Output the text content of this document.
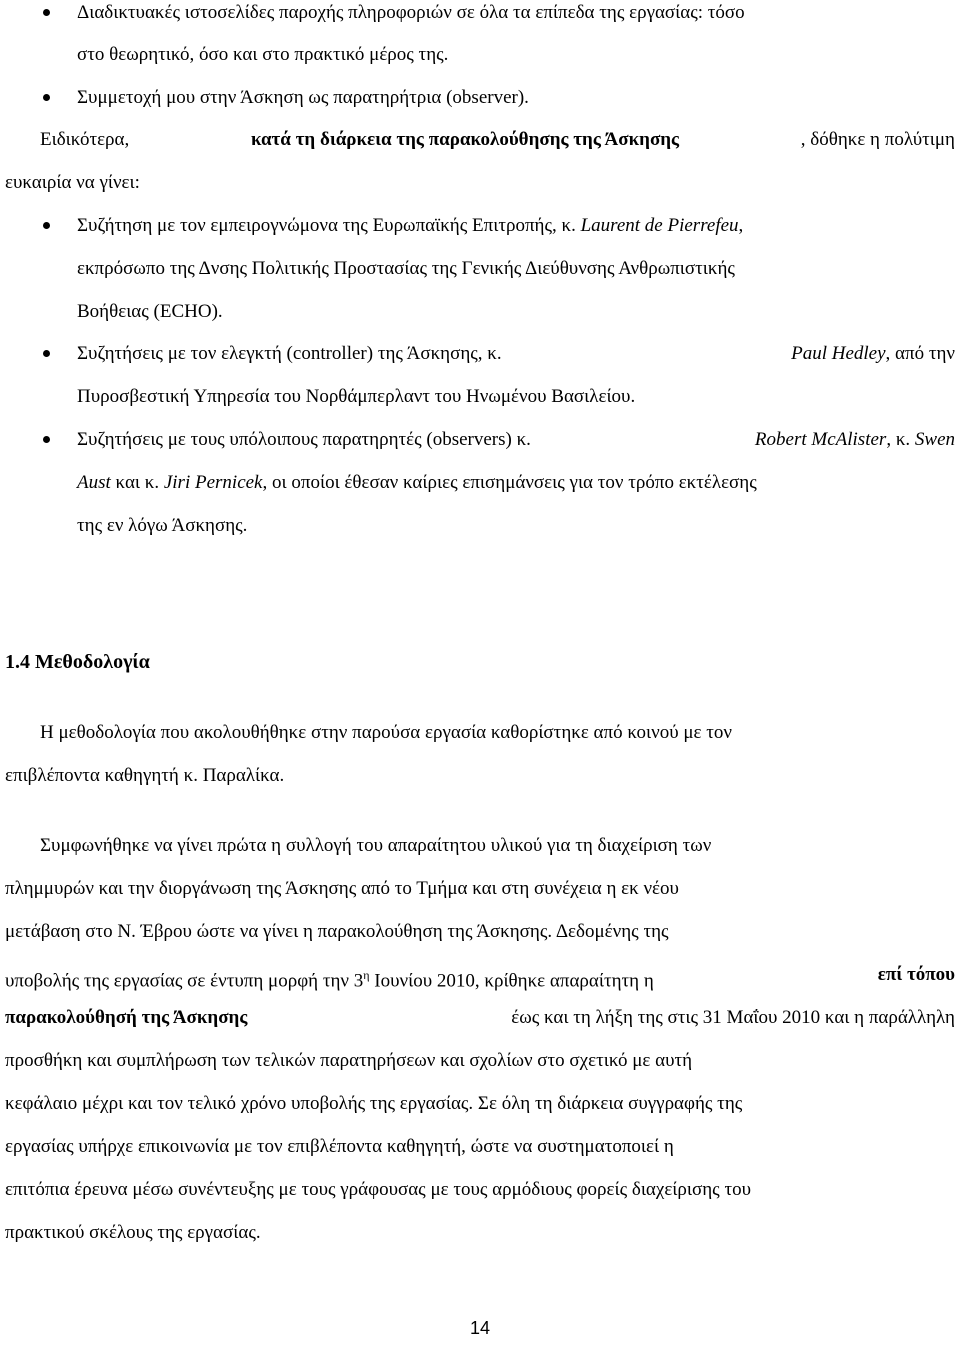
Διαδικτυακές ιστοσελίδες παροχής πληροφοριών σε όλα τα επίπεδα της εργασίας: τόσο
στο θεωρητικό, όσο και στο πρακτικό μέρος της.
Συμμετοχή μου στην Άσκηση ως παρατηρήτρια (observer).
Ειδικότερα,	κατά τη διάρκεια της παρακολούθησης της Άσκησης	, δόθηκε η πολύτιμη
ευκαιρία να γίνει:
Συζήτηση με τον εμπειρογνώμονα της Ευρωπαϊκής Επιτροπής, κ. Laurent de Pierrefeu,
εκπρόσωπο της Δνσης Πολιτικής Προστασίας της Γενικής Διεύθυνσης Ανθρωπιστικής
Βοήθειας (ECHO).
Συζητήσεις με τον ελεγκτή (controller) της Άσκησης, κ.	Paul Hedley, από την
Πυροσβεστική Υπηρεσία του Νορθάμπερλαντ του Ηνωμένου Βασιλείου.
Συζητήσεις με τους υπόλοιπους παρατηρητές (observers) κ.	Robert McAlister, κ. Swen
Aust και κ. Jiri Pernicek, οι οποίοι έθεσαν καίριες επισημάνσεις για τον τρόπο εκτέλεσης
της εν λόγω Άσκησης.
1.4 Μεθοδολογία
Η μεθοδολογία που ακολουθήθηκε στην παρούσα εργασία καθορίστηκε από κοινού με τον
επιβλέποντα καθηγητή κ. Παραλίκα.
Συμφωνήθηκε να γίνει πρώτα η συλλογή του απαραίτητου υλικού για τη διαχείριση των
πλημμυρών και την διοργάνωση της Άσκησης από το Τμήμα και στη συνέχεια η εκ νέου
μετάβαση στο Ν. Έβρου ώστε να γίνει η παρακολούθηση της Άσκησης. Δεδομένης της
υποβολής της εργασίας σε έντυπη μορφή την $3^\eta$ Ιουνίου 2010, κρίθηκε απαραίτητη η	επί τόπου
παρακολούθησή της Άσκησης	έως και τη λήξη της στις 31 Μαΐου 2010 και η παράλληλη
προσθήκη και συμπλήρωση των τελικών παρατηρήσεων και σχολίων στο σχετικό με αυτή
κεφάλαιο μέχρι και τον τελικό χρόνο υποβολής της εργασίας. Σε όλη τη διάρκεια συγγραφής της
εργασίας υπήρχε επικοινωνία με τον επιβλέποντα καθηγητή, ώστε να συστηματοποιεί η
επιτόπια έρευνα μέσω συνέντευξης με τους γράφουσας με τους αρμόδιους φορείς διαχείρισης του
πρακτικού σκέλους της εργασίας.
14
